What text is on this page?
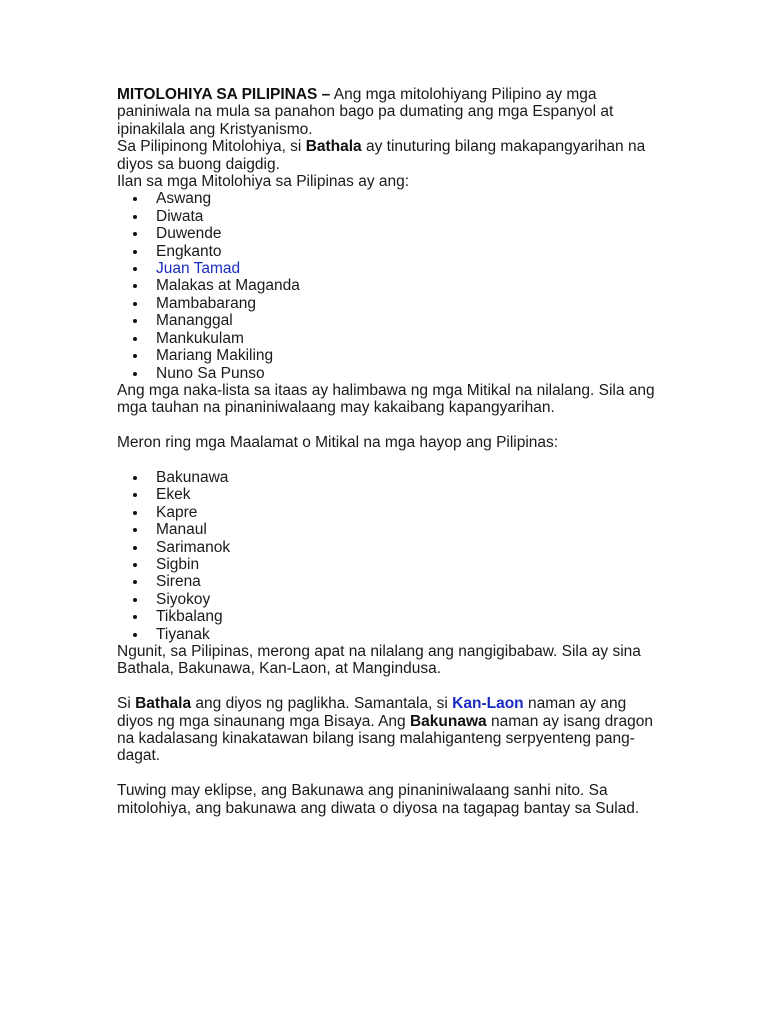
MITOLOHIYA SA PILIPINAS – Ang mga mitolohiyang Pilipino ay mga paniniwala na mula sa panahon bago pa dumating ang mga Espanyol at ipinakilala ang Kristyanismo.

Sa Pilipinong Mitolohiya, si Bathala ay tinuturing bilang makapangyarihan na diyos sa buong daigdig.

Ilan sa mga Mitolohiya sa Pilipinas ay ang:

Aswang
Diwata
Duwende
Engkanto
Juan Tamad
Malakas at Maganda
Mambabarang
Mananggal
Mankukulam
Mariang Makiling
Nuno Sa Punso

Ang mga naka-lista sa itaas ay halimbawa ng mga Mitikal na nilalang. Sila ang mga tauhan na pinaniniwalaang may kakaibang kapangyarihan.

Meron ring mga Maalamat o Mitikal na mga hayop ang Pilipinas:

Bakunawa
Ekek
Kapre
Manaul
Sarimanok
Sigbin
Sirena
Siyokoy
Tikbalang
Tiyanak

Ngunit, sa Pilipinas, merong apat na nilalang ang nangigibabaw. Sila ay sina Bathala, Bakunawa, Kan-Laon, at Mangindusa.

Si Bathala ang diyos ng paglikha. Samantala, si Kan-Laon naman ay ang diyos ng mga sinaunang mga Bisaya. Ang Bakunawa naman ay isang dragon na kadalasang kinakatawan bilang isang malahiganteng serpyenteng pang-dagat.

Tuwing may eklipse, ang Bakunawa ang pinaniniwalaang sanhi nito. Sa mitolohiya, ang bakunawa ang diwata o diyosa na tagapag bantay sa Sulad.
